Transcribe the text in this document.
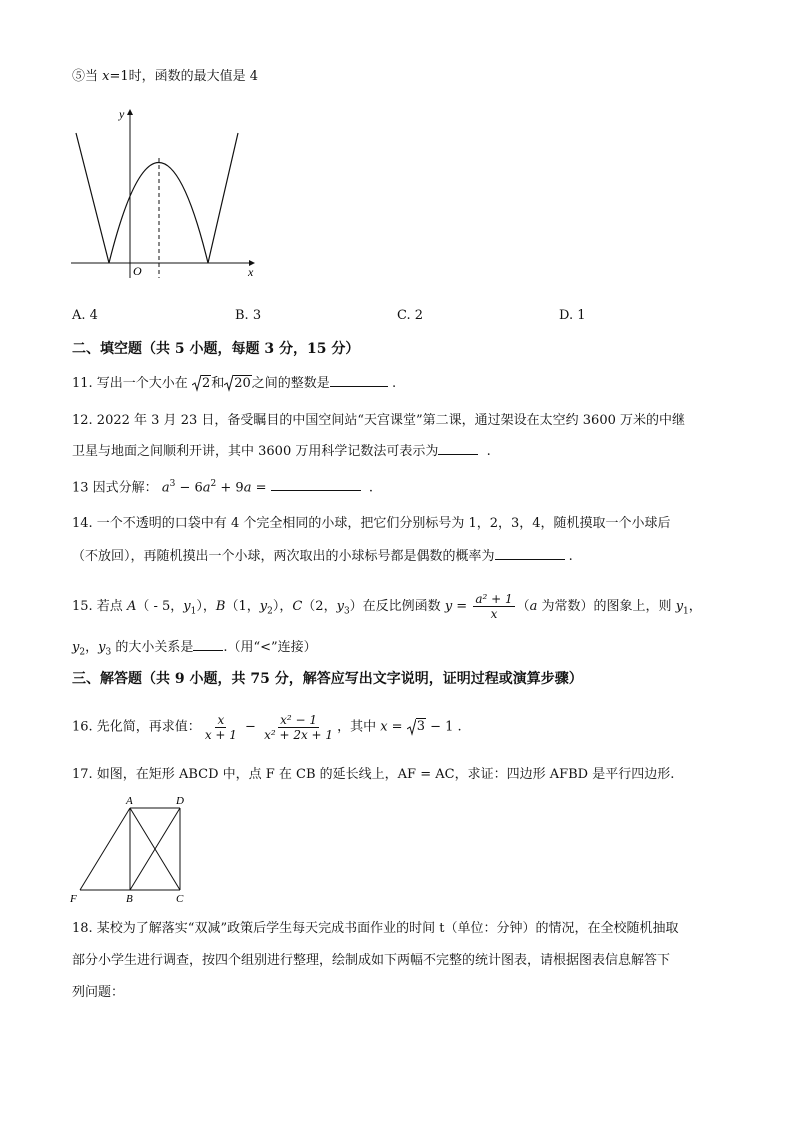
⑤当 x=1时，函数的最大值是 4
y
x
O
A. 4	B. 3	C. 2	D. 1
二、填空题（共 5 小题，每题 3 分，15 分）
11. 写出一个大小在 2和 20之间的整数是	.
12. 2022 年 3 月 23 日，备受瞩目的中国空间站“天宫课堂”第二课，通过架设在太空约 3600 万米的中继
卫星与地面之间顺利开讲，其中 3600 万用科学记数法可表示为	.
13 因式分解： $a^3 - 6a^2 + 9a$ =	.
14. 一个不透明的口袋中有 4 个完全相同的小球，把它们分别标号为 1，2，3，4，随机摸取一个小球后
（不放回），再随机摸出一个小球，两次取出的小球标号都是偶数的概率为	.
15. 若点 A（ - 5，$y_1$），B（1，$y_2$），C（2，$y_3$）在反比例函数 $y = \frac{\text{a² + 1}}{x} (a$ 为常数）的图象上，则 $y_1$，
$y_2$，$y_3$ 的大小关系是 .（用“<”连接）
三、解答题（共 9 小题，共 75 分，解答应写出文字说明，证明过程或演算步骤）
16. 先化简，再求值： $\frac{x}{x + 1} - \frac{\text{x² − 1}}{\text{x² + 2x + 1}}$ ，其中 x = 3 − 1 .
17. 如图，在矩形 ABCD 中，点 F 在 CB 的延长线上，AF = AC，求证：四边形 AFBD 是平行四边形.
A	D
F	B	C
18. 某校为了解落实“双减”政策后学生每天完成书面作业的时间 t（单位：分钟）的情况，在全校随机抽取
部分小学生进行调查，按四个组别进行整理，绘制成如下两幅不完整的统计图表，请根据图表信息解答下
列问题：
